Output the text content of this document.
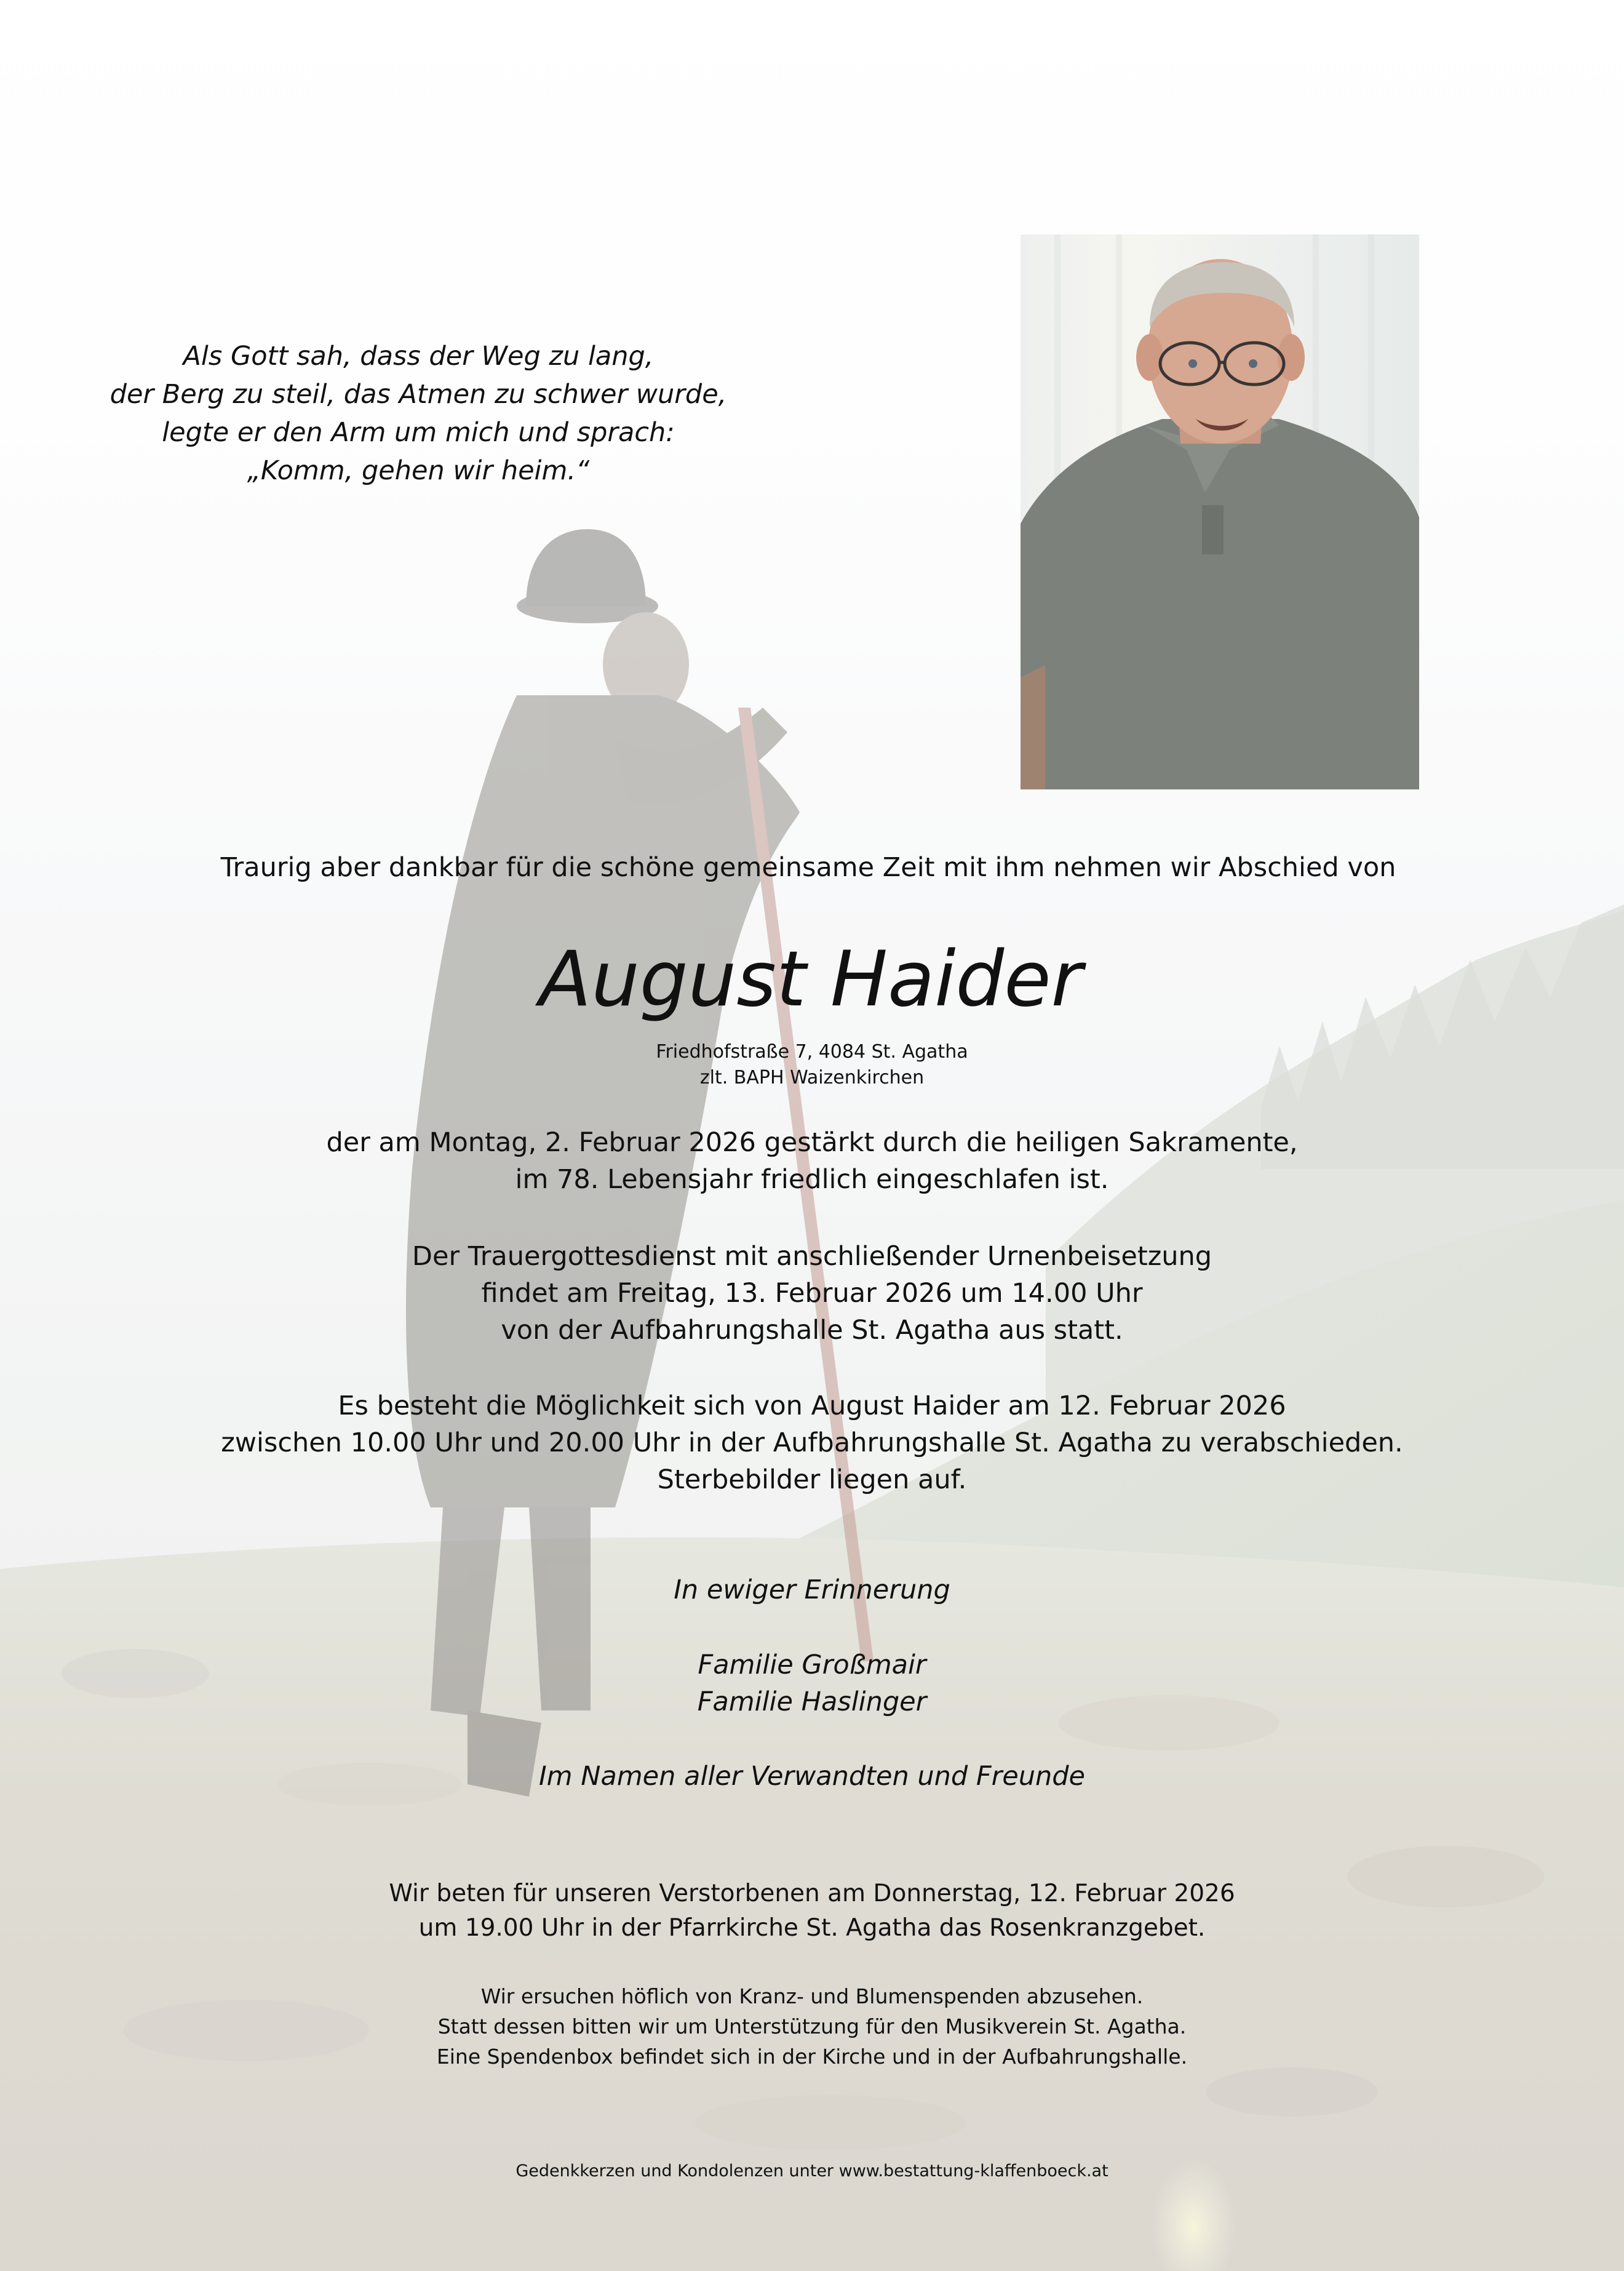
Als Gott sah, dass der Weg zu lang,
der Berg zu steil, das Atmen zu schwer wurde,
legte er den Arm um mich und sprach:
„Komm, gehen wir heim.“
Traurig aber dankbar für die schöne gemeinsame Zeit mit ihm nehmen wir Abschied von
August Haider
Friedhofstraße 7, 4084 St. Agatha
zlt. BAPH Waizenkirchen
der am Montag, 2. Februar 2026 gestärkt durch die heiligen Sakramente,
im 78. Lebensjahr friedlich eingeschlafen ist.
Der Trauergottesdienst mit anschließender Urnenbeisetzung
findet am Freitag, 13. Februar 2026 um 14.00 Uhr
von der Aufbahrungshalle St. Agatha aus statt.
Es besteht die Möglichkeit sich von August Haider am 12. Februar 2026
zwischen 10.00 Uhr und 20.00 Uhr in der Aufbahrungshalle St. Agatha zu verabschieden.
Sterbebilder liegen auf.
In ewiger Erinnerung
Familie Großmair
Familie Haslinger
Im Namen aller Verwandten und Freunde
Wir beten für unseren Verstorbenen am Donnerstag, 12. Februar 2026
um 19.00 Uhr in der Pfarrkirche St. Agatha das Rosenkranzgebet.
Wir ersuchen höflich von Kranz- und Blumenspenden abzusehen.
Statt dessen bitten wir um Unterstützung für den Musikverein St. Agatha.
Eine Spendenbox befindet sich in der Kirche und in der Aufbahrungshalle.
Gedenkkerzen und Kondolenzen unter www.bestattung-klaffenboeck.at
